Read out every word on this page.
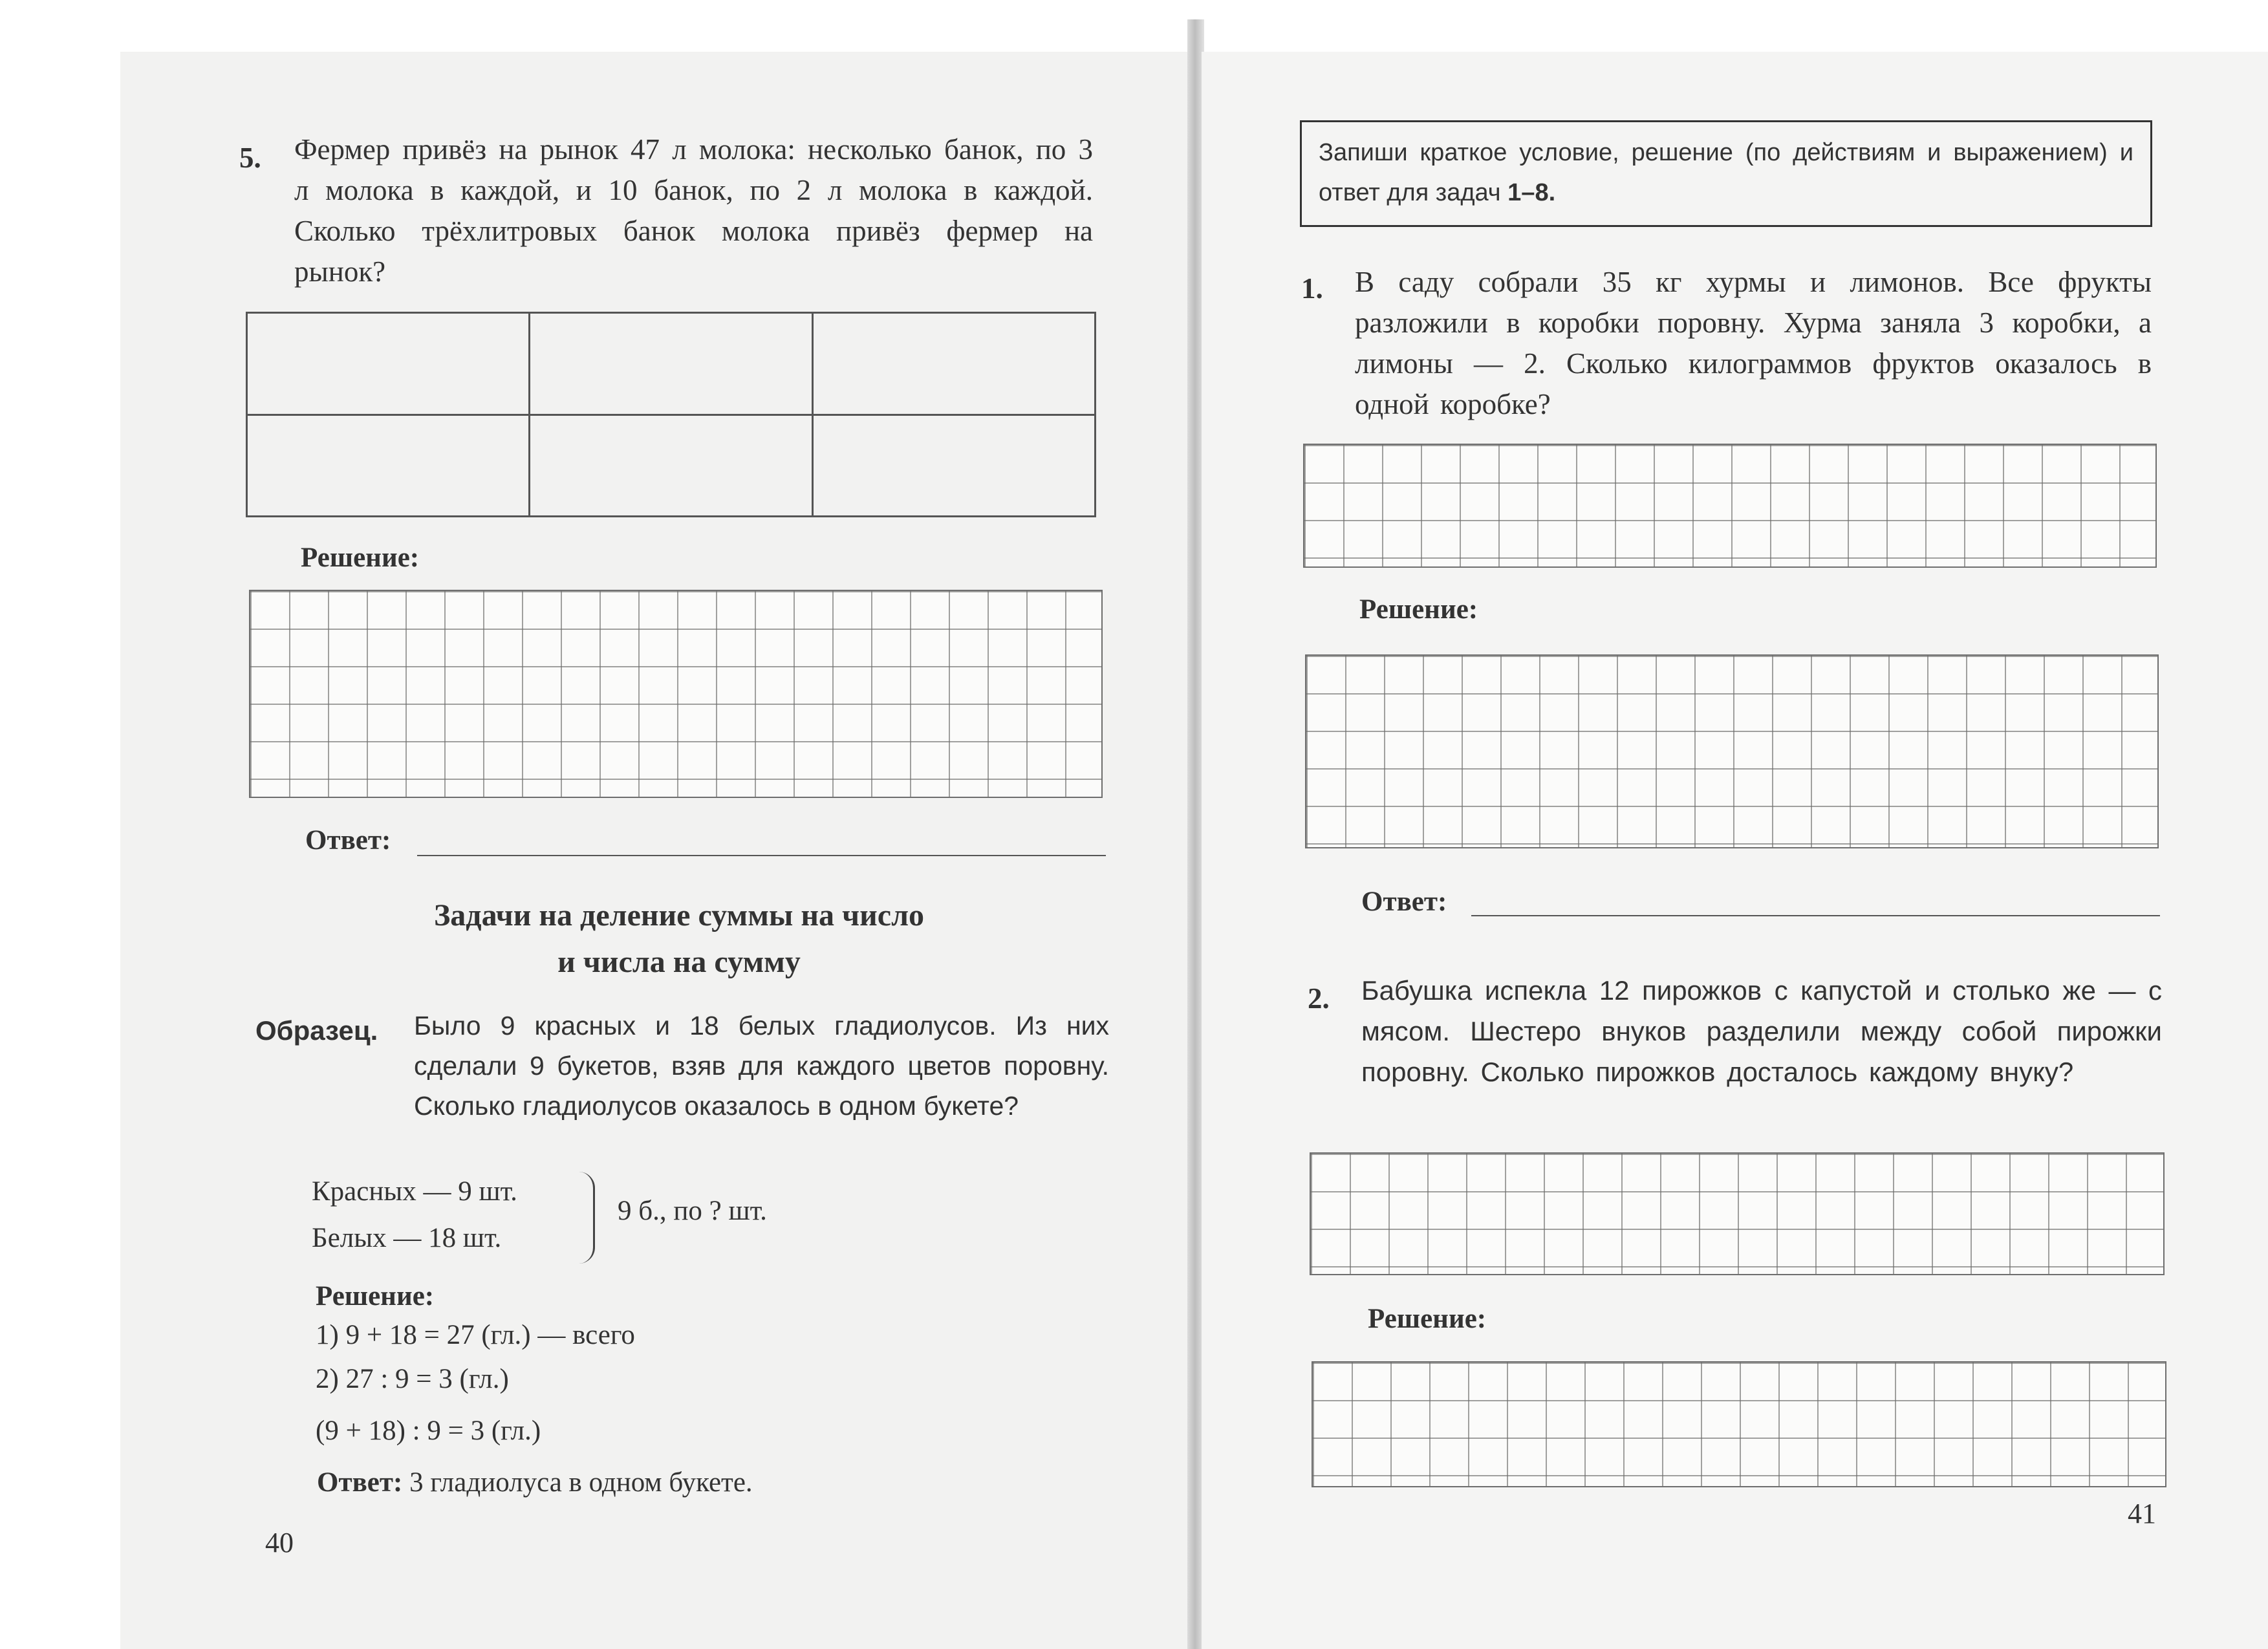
5. Фермер привёз на рынок 47 л молока: несколько банок, по 3 л молока в каждой, и 10 банок, по 2 л молока в каждой. Сколько трёхлитровых банок молока привёз фермер на рынок?

Решение:
Ответ:
Задачи на деление суммы на число
и числа на сумму
Образец. Было 9 красных и 18 белых гладиолусов. Из них сделали 9 букетов, взяв для каждого цветов поровну. Сколько гладиолусов оказалось в одном букете?
Красных — 9 шт.
Белых — 18 шт.
9 б., по ? шт.
Решение:
1) 9 + 18 = 27 (гл.) — всего
2) 27 : 9 = 3 (гл.)
(9 + 18) : 9 = 3 (гл.)
Ответ: 3 гладиолуса в одном букете.
40
Запиши краткое условие, решение (по действиям и выражением) и ответ для задач 1–8.
1. В саду собрали 35 кг хурмы и лимонов. Все фрукты разложили в коробки поровну. Хурма заняла 3 коробки, а лимоны — 2. Сколько килограммов фруктов оказалось в одной коробке?
Решение:
Ответ:
2. Бабушка испекла 12 пирожков с капустой и столько же — с мясом. Шестеро внуков разделили между собой пирожки поровну. Сколько пирожков досталось каждому внуку?
Решение:
41
